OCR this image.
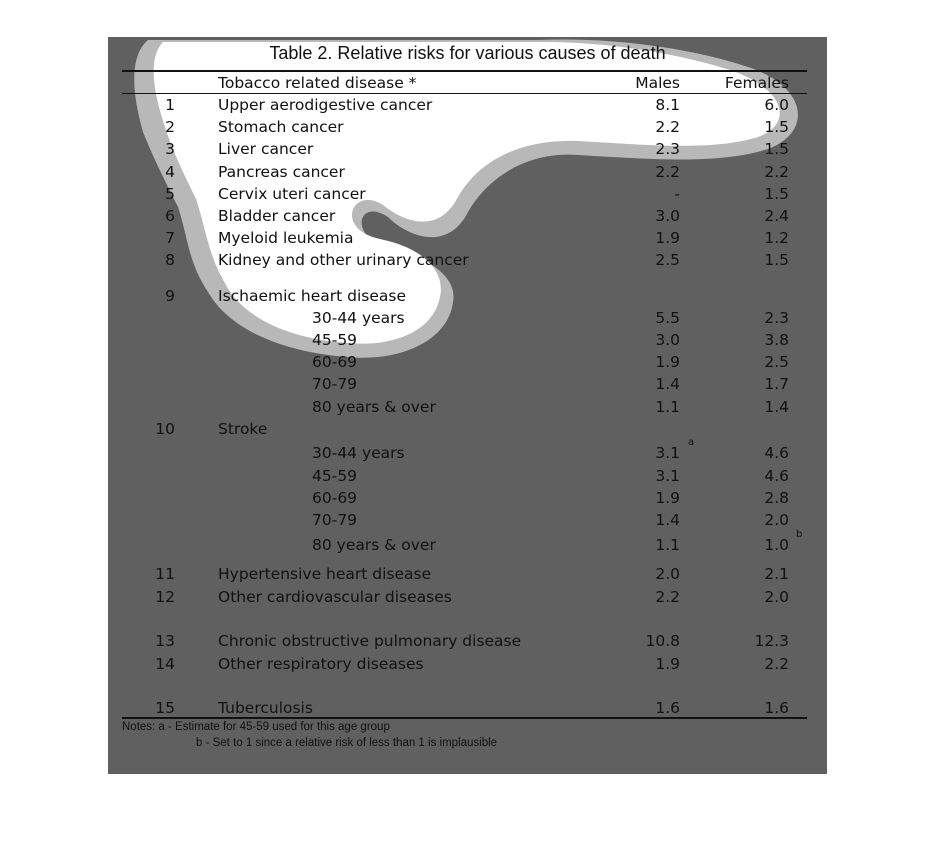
Table 2. Relative risks for various causes of death
Tobacco related disease *	Males	Females
1	Upper aerodigestive cancer	8.1	6.0
2	Stomach cancer	2.2	1.5
3	Liver cancer	2.3	1.5
4	Pancreas cancer	2.2	2.2
5	Cervix uteri cancer	-	1.5
6	Bladder cancer	3.0	2.4
7	Myeloid leukemia	1.9	1.2
8	Kidney and other urinary cancer	2.5	1.5
9	Ischaemic heart disease
30-44 years	5.5	2.3
45-59	3.0	3.8
60-69	1.9	2.5
70-79	1.4	1.7
80 years & over	1.1	1.4
10	Stroke
30-44 years	3.1	4.6
a
45-59	3.1	4.6
60-69	1.9	2.8
70-79	1.4	2.0
80 years & over	1.1	1.0
b
11	Hypertensive heart disease	2.0	2.1
12	Other cardiovascular diseases	2.2	2.0
13	Chronic obstructive pulmonary disease	10.8	12.3
14	Other respiratory diseases	1.9	2.2
15	Tuberculosis	1.6	1.6
Notes: a - Estimate for 45-59 used for this age group
b - Set to 1 since a relative risk of less than 1 is implausible
